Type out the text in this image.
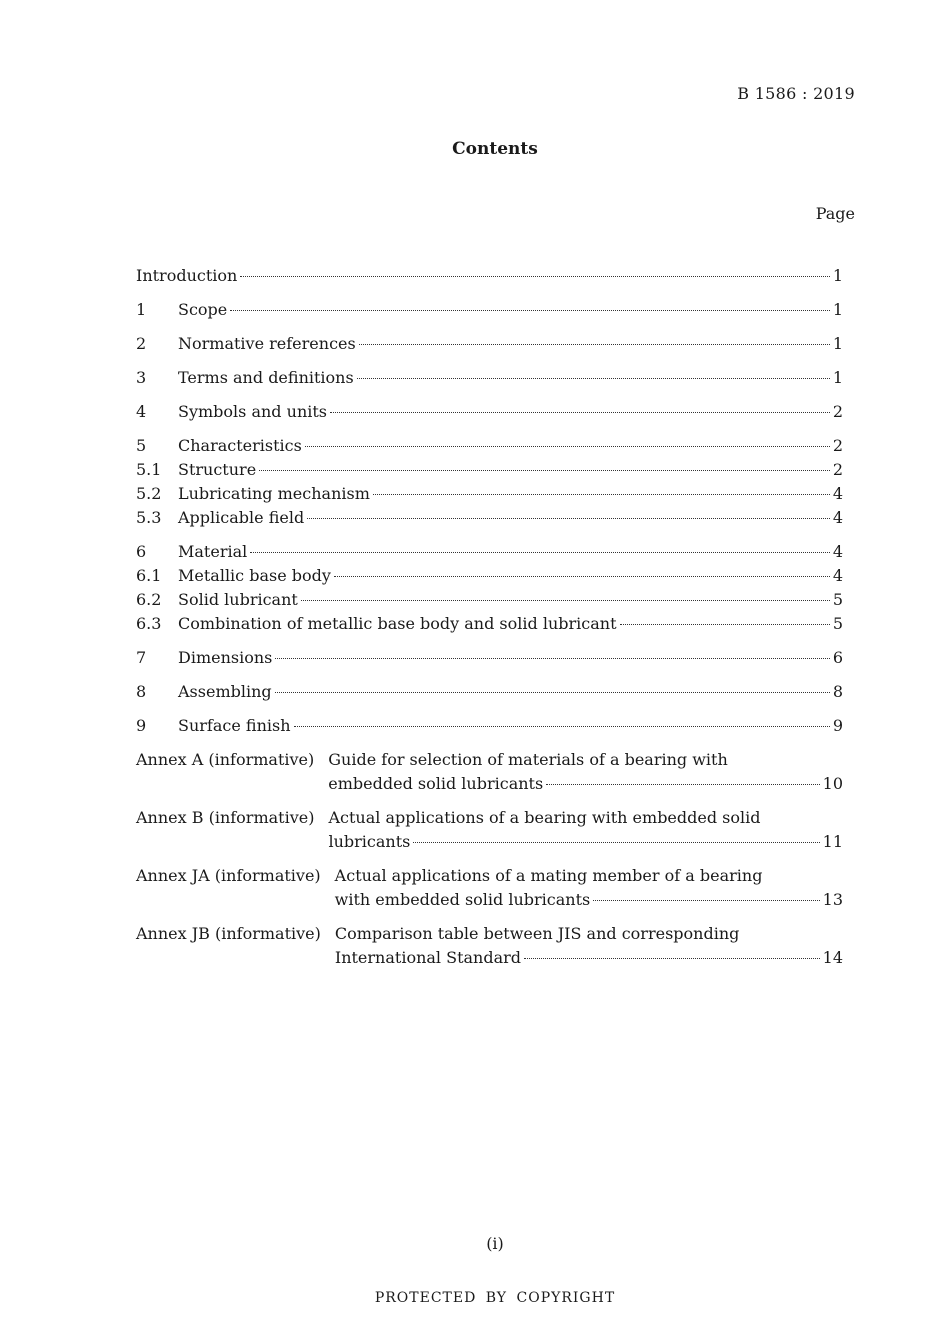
B 1586 : 2019
Contents
Page
Introduction	1
1	Scope	1
2	Normative references	1
3	Terms and definitions	1
4	Symbols and units	2
5	Characteristics	2
5.1	Structure	2
5.2	Lubricating mechanism	4
5.3	Applicable field	4
6	Material	4
6.1	Metallic base body	4
6.2	Solid lubricant	5
6.3	Combination of metallic base body and solid lubricant	5
7	Dimensions	6
8	Assembling	8
9	Surface finish	9
Annex A (informative) Guide for selection of materials of a bearing with
embedded solid lubricants	10
Annex B (informative) Actual applications of a bearing with embedded solid
lubricants	11
Annex JA (informative) Actual applications of a mating member of a bearing
with embedded solid lubricants	13
Annex JB (informative) Comparison table between JIS and corresponding
International Standard	14
(i)
PROTECTED BY COPYRIGHT
